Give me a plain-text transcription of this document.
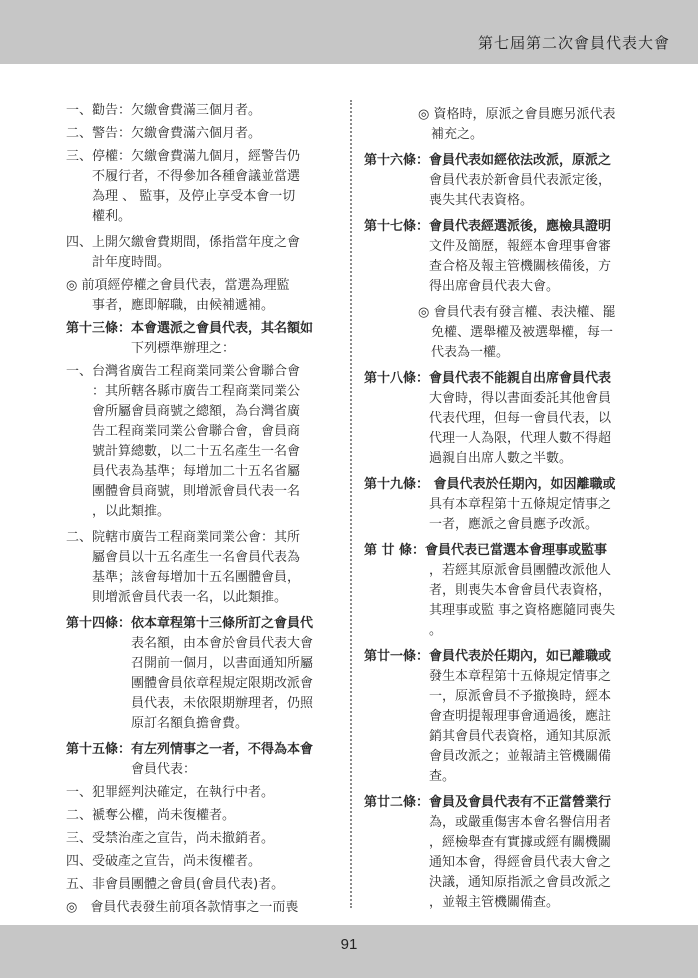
第七屆第二次會員代表大會
一、勸告：欠繳會費滿三個月者。
二、警告：欠繳會費滿六個月者。
三、停權：欠繳會費滿九個月，經警告仍
　　不履行者，不得參加各種會議並當選
　　為理 、 監事，及停止享受本會一切
　　權利。
四、上開欠繳會費期間，係指當年度之會
　　計年度時間。
◎ 前項經停權之會員代表，當選為理監
　　事者，應即解職，由候補遞補。
第十三條：本會選派之會員代表，其名額如
　　　　　下列標準辦理之：
一、台灣省廣告工程商業同業公會聯合會
　　：其所轄各縣市廣告工程商業同業公
　　會所屬會員商號之總額，為台灣省廣
　　告工程商業同業公會聯合會，會員商
　　號計算總數，以二十五名產生一名會
　　員代表為基準；每增加二十五名省屬
　　團體會員商號，則增派會員代表一名
　　，以此類推。
二、院轄市廣告工程商業同業公會：其所
　　屬會員以十五名產生一名會員代表為
　　基準；該會每增加十五名團體會員，
　　則增派會員代表一名，以此類推。
第十四條：依本章程第十三條所訂之會員代
　　　　　表名額，由本會於會員代表大會
　　　　　召開前一個月，以書面通知所屬
　　　　　團體會員依章程規定限期改派會
　　　　　員代表，未依限期辦理者，仍照
　　　　　原訂名額負擔會費。
第十五條：有左列情事之一者，不得為本會
　　　　　會員代表：
一、犯罪經判決確定，在執行中者。
二、褫奪公權，尚未復權者。
三、受禁治產之宣告，尚未撤銷者。
四、受破產之宣告，尚未復權者。
五、非會員團體之會員(會員代表)者。
◎　會員代表發生前項各款情事之一而喪
◎ 資格時，原派之會員應另派代表
　補充之。
第十六條：會員代表如經依法改派，原派之
　　　　　會員代表於新會員代表派定後，
　　　　　喪失其代表資格。
第十七條：會員代表經選派後，應檢具證明
　　　　　文件及簡歷，報經本會理事會審
　　　　　查合格及報主管機關核備後，方
　　　　　得出席會員代表大會。
◎ 會員代表有發言權、表決權、罷
　免權、選舉權及被選舉權，每一
　代表為一權。
第十八條：會員代表不能親自出席會員代表
　　　　　大會時，得以書面委託其他會員
　　　　　代表代理，但每一會員代表，以
　　　　　代理一人為限，代理人數不得超
　　　　　過親自出席人數之半數。
第十九條： 會員代表於任期內，如因離職或
　　　　　具有本章程第十五條規定情事之
　　　　　一者，應派之會員應予改派。
第 廿 條：會員代表已當選本會理事或監事
　　　　　，若經其原派會員團體改派他人
　　　　　者，則喪失本會會員代表資格，
　　　　　其理事或監 事之資格應隨同喪失
　　　　　。
第廿一條：會員代表於任期內，如已離職或
　　　　　發生本章程第十五條規定情事之
　　　　　一，原派會員不予撤換時，經本
　　　　　會查明提報理事會通過後，應註
　　　　　銷其會員代表資格，通知其原派
　　　　　會員改派之；並報請主管機關備
　　　　　查。
第廿二條：會員及會員代表有不正當營業行
　　　　　為，或嚴重傷害本會名譽信用者
　　　　　，經檢舉查有實據或經有關機關
　　　　　通知本會，得經會員代表大會之
　　　　　決議，通知原指派之會員改派之
　　　　　，並報主管機關備查。
91
